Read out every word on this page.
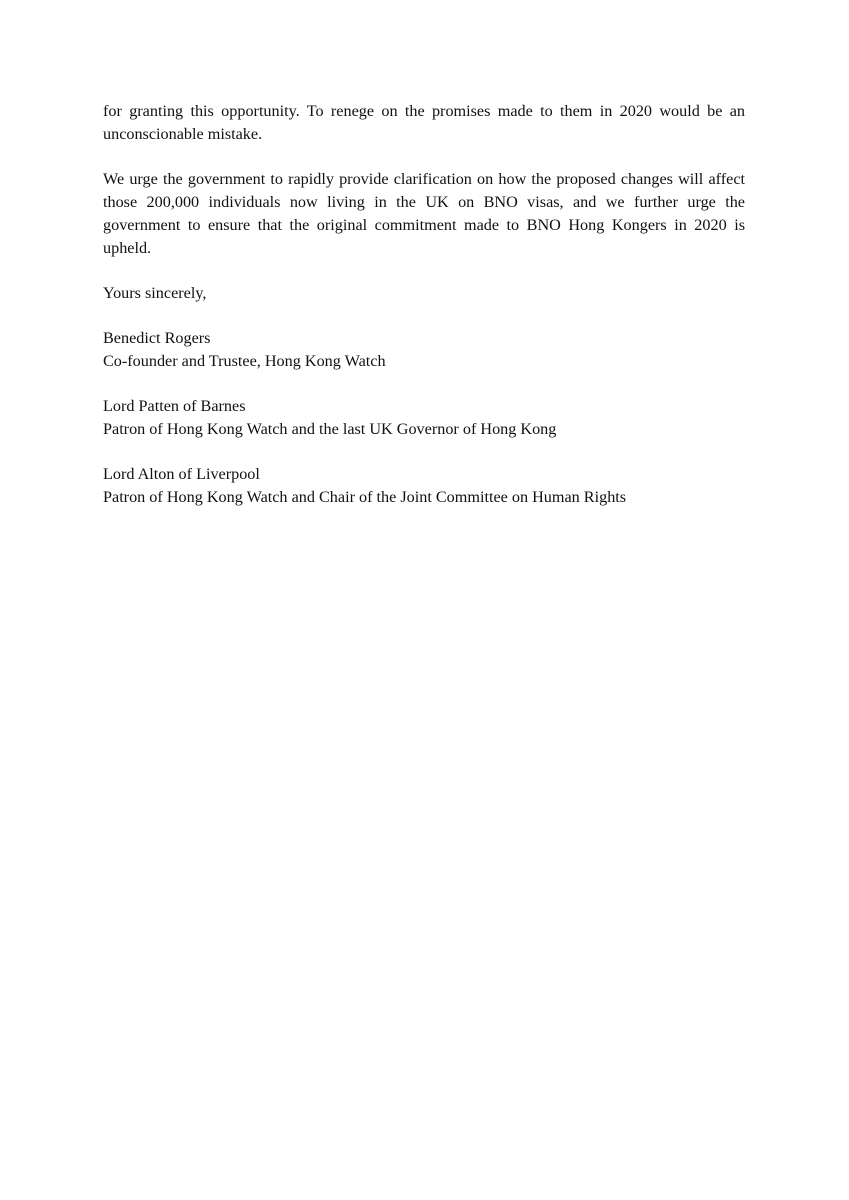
for granting this opportunity. To renege on the promises made to them in 2020 would be an unconscionable mistake.

We urge the government to rapidly provide clarification on how the proposed changes will affect those 200,000 individuals now living in the UK on BNO visas, and we further urge the government to ensure that the original commitment made to BNO Hong Kongers in 2020 is upheld.

Yours sincerely,

Benedict Rogers
Co-founder and Trustee, Hong Kong Watch
Lord Patten of Barnes
Patron of Hong Kong Watch and the last UK Governor of Hong Kong
Lord Alton of Liverpool
Patron of Hong Kong Watch and Chair of the Joint Committee on Human Rights
